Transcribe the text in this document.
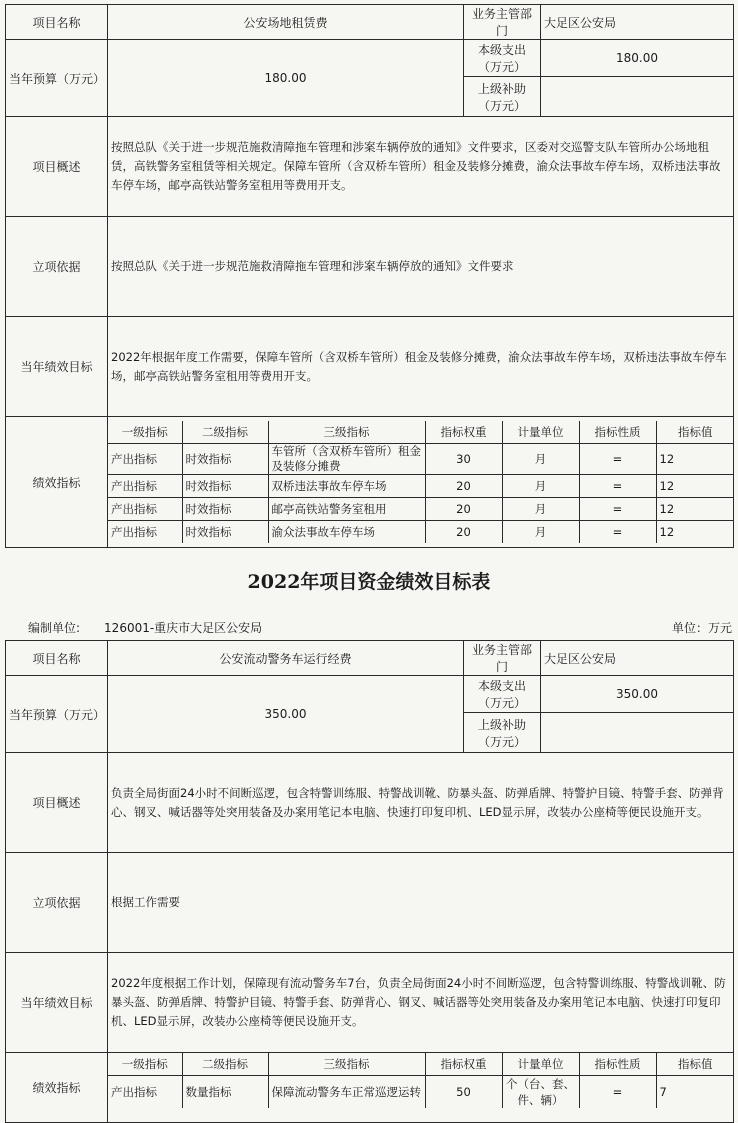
项目名称	公安场地租赁费	业务主管部门	大足区公安局
当年预算（万元）	180.00	本级支出（万元）	180.00
上级补助（万元）	
项目概述	按照总队《关于进一步规范施救清障拖车管理和涉案车辆停放的通知》文件要求，区委对交巡警支队车管所办公场地租赁，高铁警务室租赁等相关规定。保障车管所（含双桥车管所）租金及装修分摊费，渝众法事故车停车场，双桥违法事故车停车场，邮亭高铁站警务室租用等费用开支。
立项依据	按照总队《关于进一步规范施救清障拖车管理和涉案车辆停放的通知》文件要求
当年绩效目标	2022年根据年度工作需要，保障车管所（含双桥车管所）租金及装修分摊费，渝众法事故车停车场，双桥违法事故车停车场，邮亭高铁站警务室租用等费用开支。
绩效指标	
一级指标	二级指标	三级指标	指标权重	计量单位	指标性质	指标值
产出指标	时效指标	车管所（含双桥车管所）租金及装修分摊费	30	月	=	12
产出指标	时效指标	双桥违法事故车停车场	20	月	=	12
产出指标	时效指标	邮亭高铁站警务室租用	20	月	=	12
产出指标	时效指标	渝众法事故车停车场	20	月	=	12
2022年项目资金绩效目标表
编制单位:　　126001-重庆市大足区公安局	单位：万元
项目名称	公安流动警务车运行经费	业务主管部门	大足区公安局
当年预算（万元）	350.00	本级支出（万元）	350.00
上级补助（万元）	
项目概述	负责全局街面24小时不间断巡逻，包含特警训练服、特警战训靴、防暴头盔、防弹盾牌、特警护目镜、特警手套、防弹背心、钢叉、喊话器等处突用装备及办案用笔记本电脑、快速打印复印机、LED显示屏，改装办公座椅等便民设施开支。
立项依据	根据工作需要
当年绩效目标	2022年度根据工作计划，保障现有流动警务车7台，负责全局街面24小时不间断巡逻，包含特警训练服、特警战训靴、防暴头盔、防弹盾牌、特警护目镜、特警手套、防弹背心、钢叉、喊话器等处突用装备及办案用笔记本电脑、快速打印复印机、LED显示屏，改装办公座椅等便民设施开支。
绩效指标	
一级指标	二级指标	三级指标	指标权重	计量单位	指标性质	指标值
产出指标	数量指标	保障流动警务车正常巡逻运转	50	个（台、套、件、辆）	=	7
